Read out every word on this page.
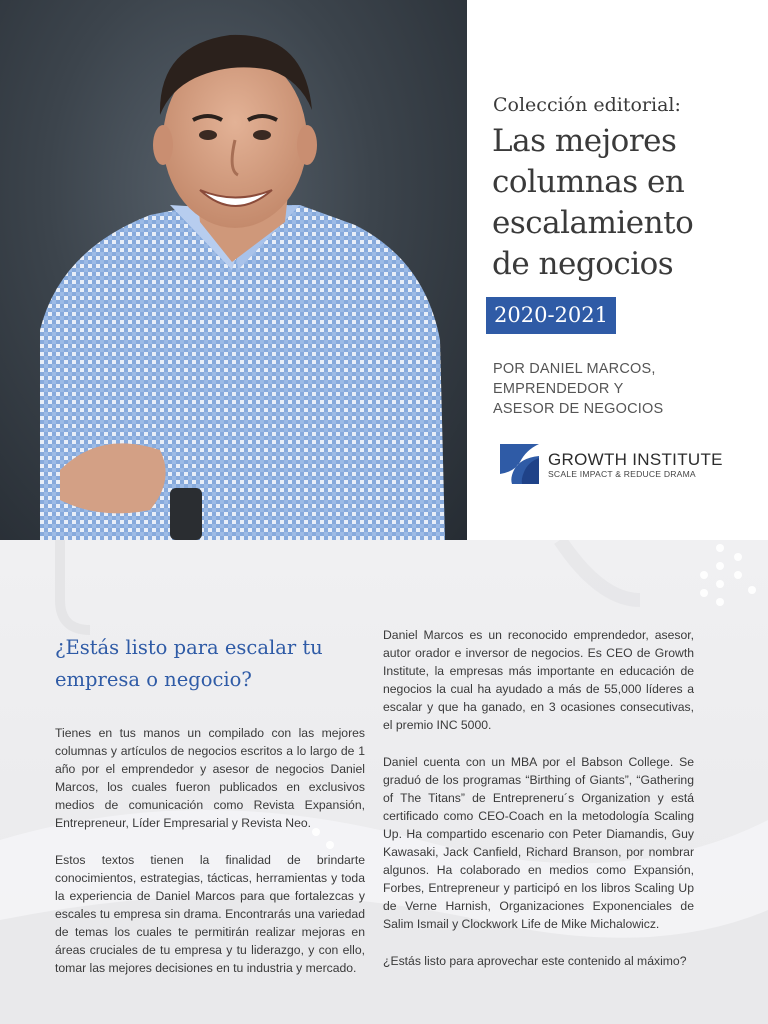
Colección editorial:
Las mejores
columnas en
escalamiento
de negocios
2020-2021
POR DANIEL MARCOS,
EMPRENDEDOR Y
ASESOR DE NEGOCIOS
GROWTH INSTITUTE
SCALE IMPACT & REDUCE DRAMA
¿Estás listo para escalar tu
empresa o negocio?

Tienes en tus manos un compilado con las mejores columnas y artículos de negocios escritos a lo largo de 1 año por el emprendedor y asesor de negocios Daniel Marcos, los cuales fueron publicados en exclusivos medios de comunicación como Revista Expansión, Entrepreneur, Líder Empresarial y Revista Neo.

Estos textos tienen la finalidad de brindarte conocimientos, estrategias, tácticas, herramientas y toda la experiencia de Daniel Marcos para que fortalezcas y escales tu empresa sin drama. Encontrarás una variedad de temas los cuales te permitirán realizar mejoras en áreas cruciales de tu empresa y tu liderazgo, y con ello, tomar las mejores decisiones en tu industria y mercado.

Daniel Marcos es un reconocido emprendedor, asesor, autor orador e inversor de negocios. Es CEO de Growth Institute, la empresas más importante en educación de negocios la cual ha ayudado a más de 55,000 líderes a escalar y que ha ganado, en 3 ocasiones consecutivas, el premio INC 5000.

Daniel cuenta con un MBA por el Babson College. Se graduó de los programas “Birthing of Giants”, “Gathering of The Titans” de Entrepreneru´s Organization y está certificado como CEO-Coach en la metodología Scaling Up. Ha compartido escenario con Peter Diamandis, Guy Kawasaki, Jack Canfield, Richard Branson, por nombrar algunos. Ha colaborado en medios como Expansión, Forbes, Entrepreneur y participó en los libros Scaling Up de Verne Harnish, Organizaciones Exponenciales de Salim Ismail y Clockwork Life de Mike Michalowicz.

¿Estás listo para aprovechar este contenido al máximo?
